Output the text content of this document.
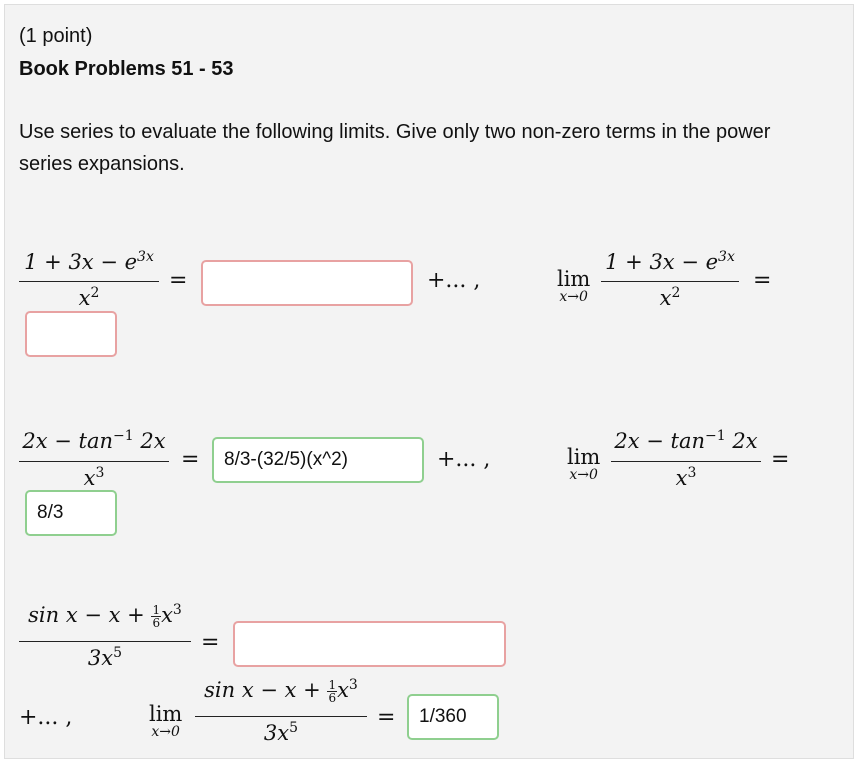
(1 point)
Book Problems 51 - 53
Use series to evaluate the following limits. Give only two non-zero terms in the power series expansions.
$1 + 3x - e^{3x}$
$x^2$	=	+... ,	lim
x→0
$1 + 3x - e^{3x}$
$x^2$	=
$2x - \tan^{-1} 2x$
$x^3$
=	8/3-(32/5)(x^2)	+... ,	lim
x→0
$2x - \tan^{-1} 2x$
$x^3$
=
8/3
$\sin x - x + \frac{1}{6} x^3$
$3x^5$	=
+... ,	lim
x→0
$\sin x - x + \frac{1}{6} x^3$
$3x^5$	=	1/360
